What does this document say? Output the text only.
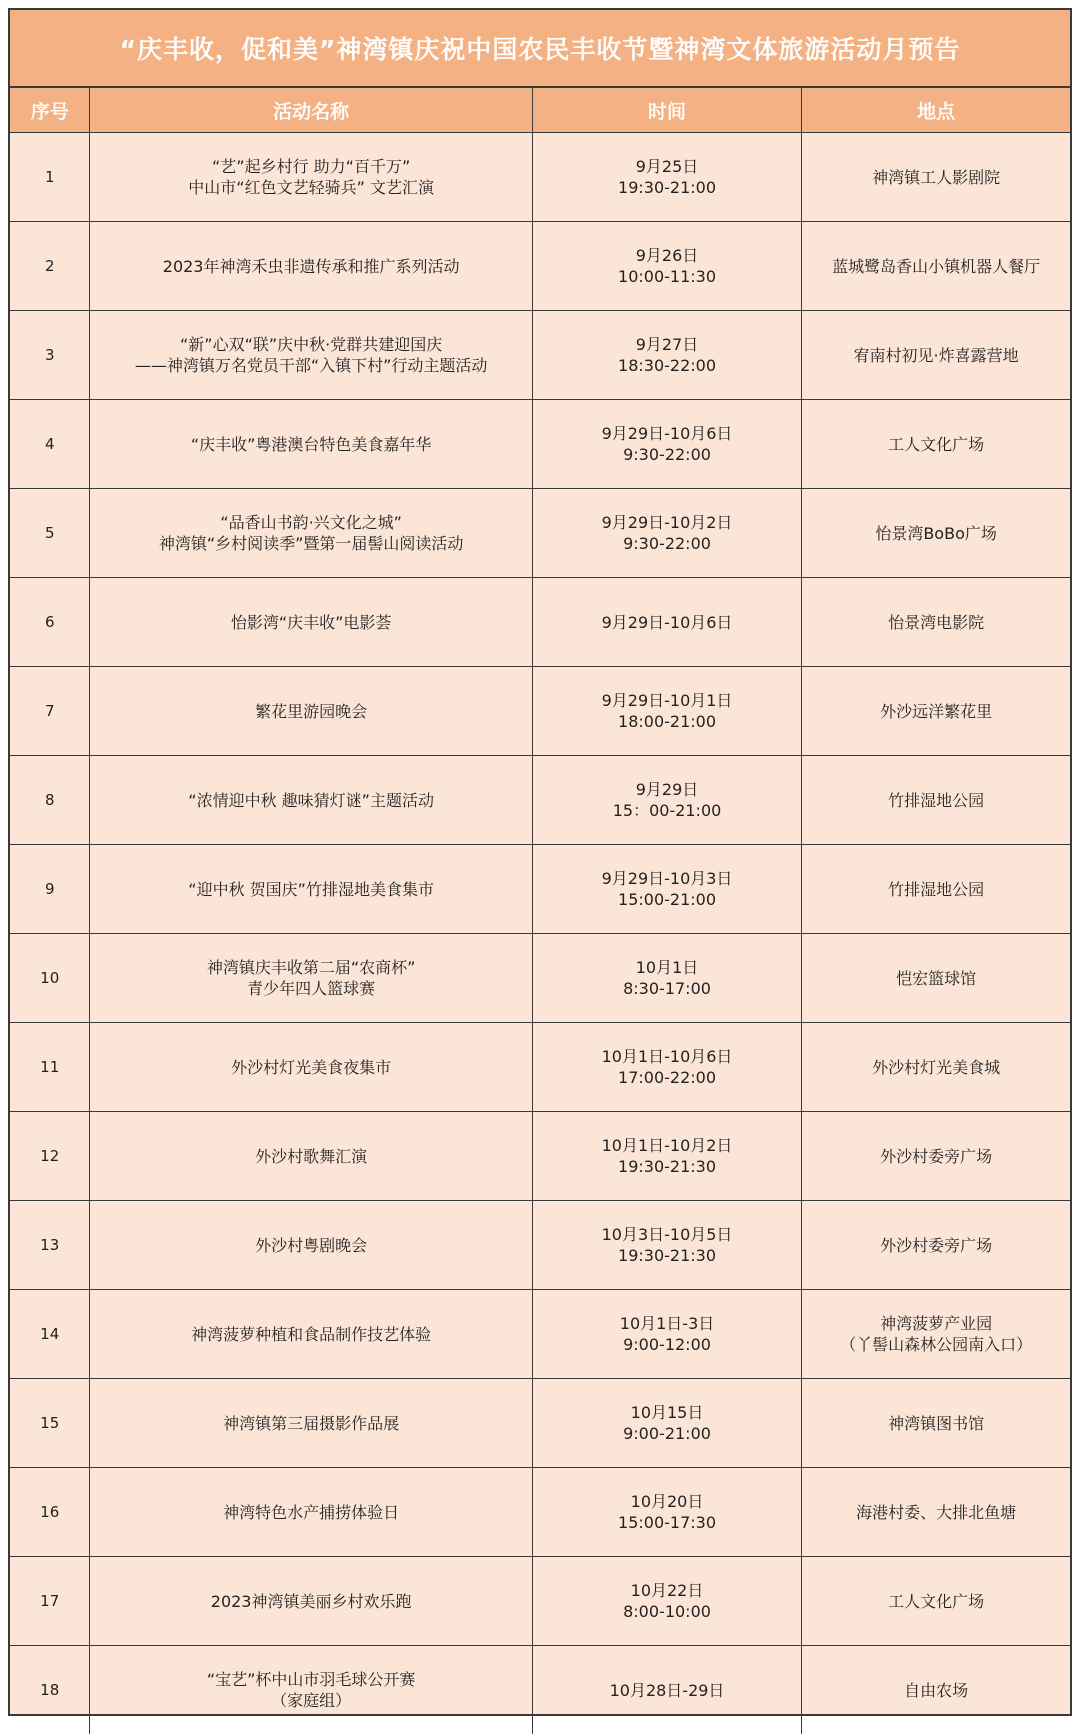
“庆丰收，促和美”神湾镇庆祝中国农民丰收节暨神湾文体旅游活动月预告
序号	活动名称	时间	地点
1	“艺”起乡村行 助力“百千万”
中山市“红色文艺轻骑兵” 文艺汇演	9月25日
19:30-21:00	神湾镇工人影剧院

2	2023年神湾禾虫非遗传承和推广系列活动	9月26日
10:00-11:30	蓝城鹭岛香山小镇机器人餐厅

3	“新”心双“联”庆中秋·党群共建迎国庆
——神湾镇万名党员干部“入镇下村”行动主题活动	9月27日
18:30-22:00	宥南村初见·炸喜露营地

4	“庆丰收”粤港澳台特色美食嘉年华	9月29日-10月6日
9:30-22:00	工人文化广场

5	“品香山书韵·兴文化之城”
神湾镇“乡村阅读季”暨第一届髻山阅读活动	9月29日-10月2日
9:30-22:00	怡景湾BoBo广场

6	怡影湾“庆丰收”电影荟	9月29日-10月6日	怡景湾电影院

7	繁花里游园晚会	9月29日-10月1日
18:00-21:00	外沙远洋繁花里

8	“浓情迎中秋 趣味猜灯谜”主题活动	9月29日
15：00-21:00	竹排湿地公园

9	“迎中秋 贺国庆”竹排湿地美食集市	9月29日-10月3日
15:00-21:00	竹排湿地公园

10	神湾镇庆丰收第二届“农商杯”
青少年四人篮球赛	10月1日
8:30-17:00	恺宏篮球馆

11	外沙村灯光美食夜集市	10月1日-10月6日
17:00-22:00	外沙村灯光美食城

12	外沙村歌舞汇演	10月1日-10月2日
19:30-21:30	外沙村委旁广场

13	外沙村粤剧晚会	10月3日-10月5日
19:30-21:30	外沙村委旁广场

14	神湾菠萝种植和食品制作技艺体验	10月1日-3日
9:00-12:00	神湾菠萝产业园
（丫髻山森林公园南入口）

15	神湾镇第三届摄影作品展	10月15日
9:00-21:00	神湾镇图书馆

16	神湾特色水产捕捞体验日	10月20日
15:00-17:30	海港村委、大排北鱼塘

17	2023神湾镇美丽乡村欢乐跑	10月22日
8:00-10:00	工人文化广场

18	“宝艺”杯中山市羽毛球公开赛
（家庭组）	10月28日-29日	自由农场
